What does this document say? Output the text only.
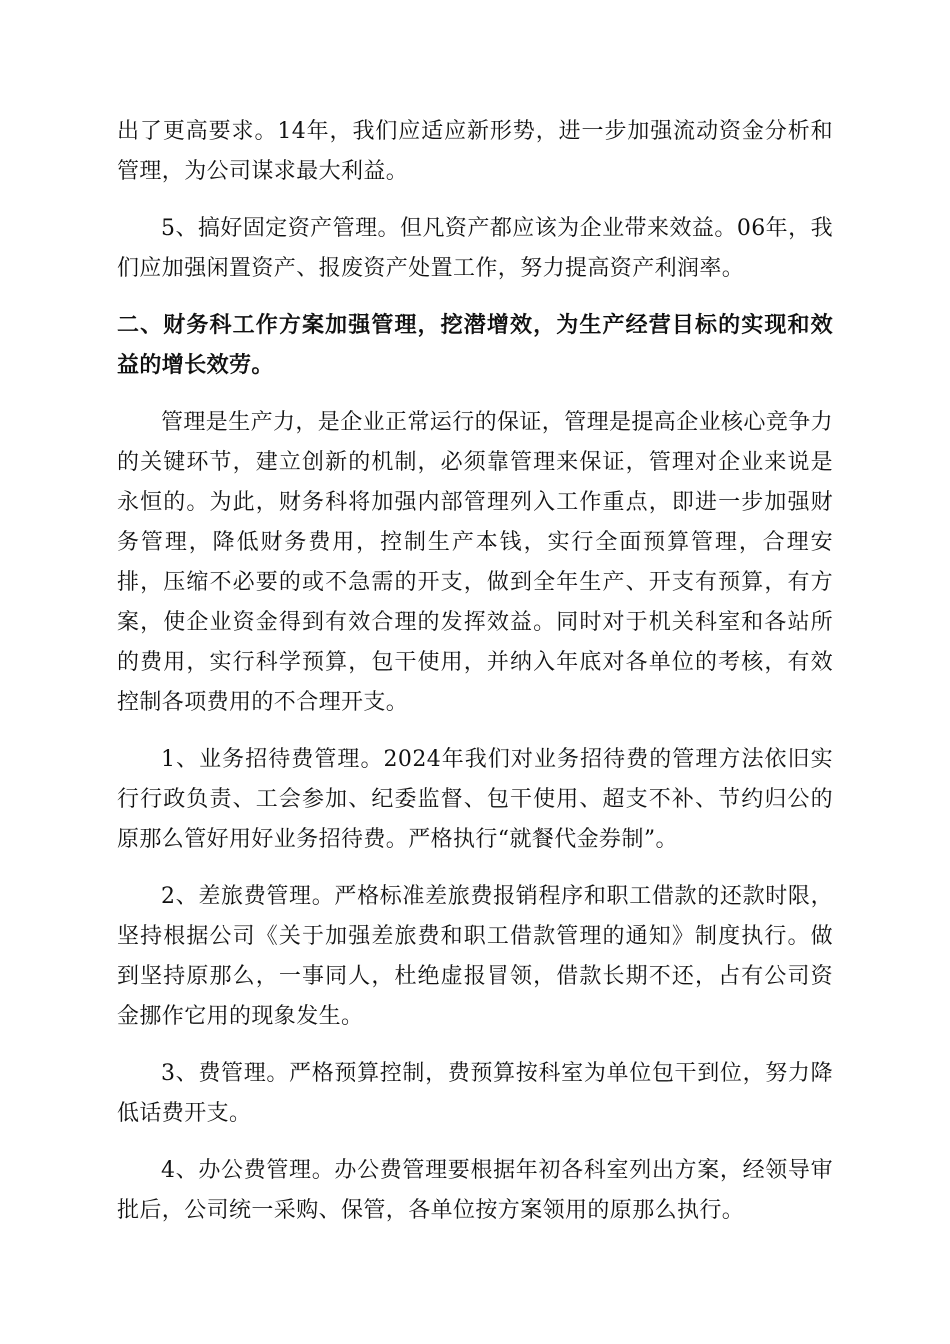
出了更高要求。14年，我们应适应新形势，进一步加强流动资金分析和管理，为公司谋求最大利益。

5、搞好固定资产管理。但凡资产都应该为企业带来效益。06年，我们应加强闲置资产、报废资产处置工作，努力提高资产利润率。

二、财务科工作方案加强管理，挖潜增效，为生产经营目标的实现和效益的增长效劳。

管理是生产力，是企业正常运行的保证，管理是提高企业核心竞争力的关键环节，建立创新的机制，必须靠管理来保证，管理对企业来说是永恒的。为此，财务科将加强内部管理列入工作重点，即进一步加强财务管理，降低财务费用，控制生产本钱，实行全面预算管理，合理安排，压缩不必要的或不急需的开支，做到全年生产、开支有预算，有方案，使企业资金得到有效合理的发挥效益。同时对于机关科室和各站所的费用，实行科学预算，包干使用，并纳入年底对各单位的考核，有效控制各项费用的不合理开支。

1、业务招待费管理。2024年我们对业务招待费的管理方法依旧实行行政负责、工会参加、纪委监督、包干使用、超支不补、节约归公的原那么管好用好业务招待费。严格执行“就餐代金券制”。

2、差旅费管理。严格标准差旅费报销程序和职工借款的还款时限，坚持根据公司《关于加强差旅费和职工借款管理的通知》制度执行。做到坚持原那么，一事同人，杜绝虚报冒领，借款长期不还，占有公司资金挪作它用的现象发生。

3、费管理。严格预算控制，费预算按科室为单位包干到位，努力降低话费开支。

4、办公费管理。办公费管理要根据年初各科室列出方案，经领导审批后，公司统一采购、保管，各单位按方案领用的原那么执行。
